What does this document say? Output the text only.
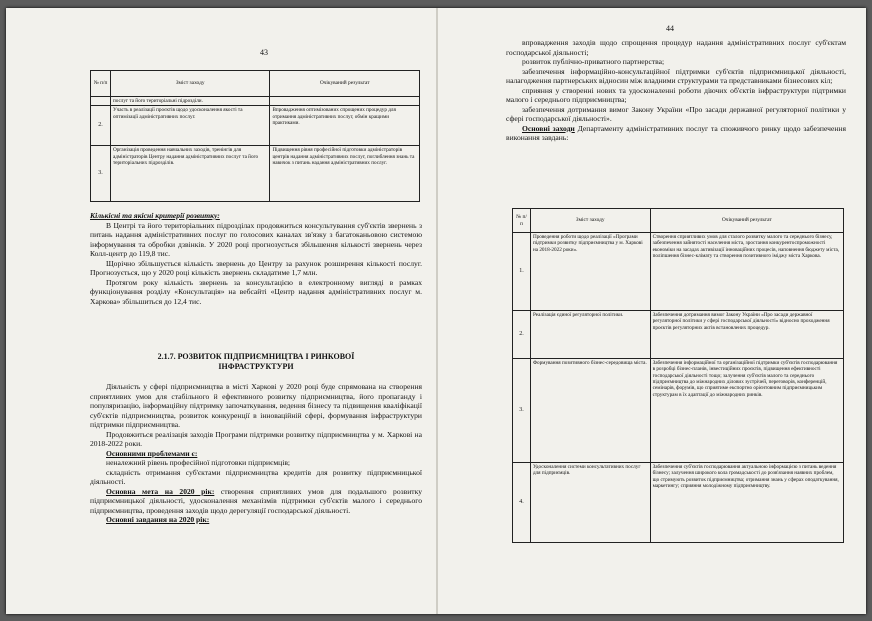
43
№ п/п	Зміст заходу	Очікуваний результат
	послуг та його територіальні підрозділи.	
2.	Участь в реалізації проєктів щодо удосконалення якості та оптимізації адміністративних послуг.	Впровадження оптимізованих спрощених процедур для отримання адміністративних послуг, обмін кращими практиками.
3.	Організація проведення навчальних заходів, тренінгів для адміністраторів Центру надання адміністративних послуг та його територіальних підрозділів.	Підвищення рівня професійної підготовки адміністраторів центрів надання адміністративних послуг, поглиблення знань та навичок з питань надання адміністративних послуг.

Кількісні та якісні критерії розвитку:

В Центрі та його територіальних підрозділах продовжиться консультування суб'єктів звернень з питань надання адміністративних послуг по голосових каналах зв'язку з багатоканьовою системою інформування та обробки дзвінків. У 2020 році прогнозується збільшення кількості звернень через Колл-центр до 119,8 тис.

Щорічно збільшується кількість звернень до Центру за рахунок розширення кількості послуг. Прогнозується, що у 2020 році кількість звернень складатиме 1,7 млн.

Протягом року кількість звернень за консультацією в електронному вигляді в рамках функціонування розділу «Консультація» на вебсайті «Центр надання адміністративних послуг м. Харкова» збільшиться до 12,4 тис.

2.1.7. РОЗВИТОК ПІДПРИЄМНИЦТВА І РИНКОВОЇ
ІНФРАСТРУКТУРИ

Діяльність у сфері підприємництва в місті Харкові у 2020 році буде спрямована на створення сприятливих умов для стабільного й ефективного розвитку підприємництва, його пропаганду і популяризацію, інформаційну підтримку започаткування, ведення бізнесу та підвищення кваліфікації суб'єктів підприємництва, розвиток конкуренції в інноваційній сфері, формування інфраструктури підтримки підприємництва.

Продовжиться реалізація заходів Програми підтримки розвитку підприємництва у м. Харкові на 2018-2022 роки.

Основними проблемами є:

неналежний рівень професійної підготовки підприємців;

складність отримання суб'єктами підприємництва кредитів для розвитку підприємницької діяльності.

Основна мета на 2020 рік: створення сприятливих умов для подальшого розвитку підприємницької діяльності, удосконалення механізмів підтримки суб'єктів малого і середнього підприємництва, проведення заходів щодо дерегуляції господарської діяльності.

Основні завдання на 2020 рік:

44

впровадження заходів щодо спрощення процедур надання адміністративних послуг суб'єктам господарської діяльності;

розвиток публічно-приватного партнерства;

забезпечення інформаційно-консультаційної підтримки суб'єктів підприємницької діяльності, налагодження партнерських відносин між владними структурами та представниками бізнесових кіл;

сприяння у створенні нових та удосконаленні роботи діючих об'єктів інфраструктури підтримки малого і середнього підприємництва;

забезпечення дотримання вимог Закону України «Про засади державної регуляторної політики у сфері господарської діяльності».

Основні заходи Департаменту адміністративних послуг та споживчого ринку щодо забезпечення виконання завдань:

№ п/п	Зміст заходу	Очікуваний результат
1.	Проведення роботи щодо реалізації «Програми підтримки розвитку підприємництва у м. Харкові на 2018-2022 роки».	Створення сприятливих умов для сталого розвитку малого та середнього бізнесу, забезпечення зайнятості населення міста, зростання конкурентоспроможності економіки на засадах активізації інноваційних процесів, наповнення бюджету міста, поліпшення бізнес-клімату та створення позитивного іміджу міста Харкова.
2.	Реалізація єдиної регуляторної політики.	Забезпечення дотримання вимог Закону України «Про засади державної регуляторної політики у сфері господарської діяльності» відносно проходження проєктів регуляторних актів встановлених процедур.
3.	Формування позитивного бізнес-середовища міста.	Забезпечення інформаційної та організаційної підтримки суб'єктів господарювання в розробці бізнес-планів, інвестиційних проєктів, підвищення ефективності господарської діяльності тощо; залучення суб'єктів малого та середнього підприємництва до міжнародних ділових зустрічей, переговорів, конференцій, семінарів, форумів, що сприятиме експортно орієнтовним підприємницьким структурам в їх адаптації до міжнародних ринків.
4.	Удосконалення системи консультативних послуг для підприємців.	Забезпечення суб'єктів господарювання актуальною інформацією з питань ведення бізнесу; залучення широкого кола громадськості до розв'язання наявних проблем, що стримують розвиток підприємництва; отримання знань у сферах оподаткування, маркетингу; сприяння молодіжному підприємництву.
